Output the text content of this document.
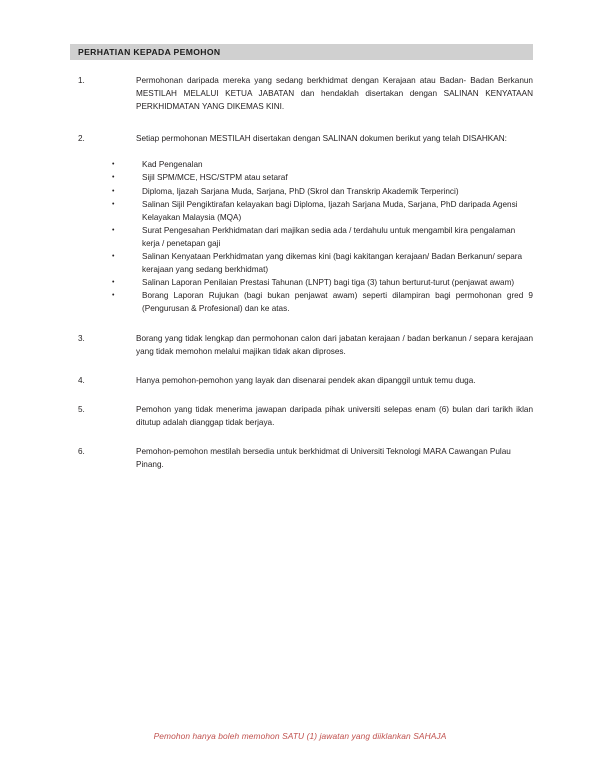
PERHATIAN KEPADA PEMOHON
1.	Permohonan daripada mereka yang sedang berkhidmat dengan Kerajaan atau Badan- Badan Berkanun MESTILAH MELALUI KETUA JABATAN dan hendaklah disertakan dengan SALINAN KENYATAAN PERKHIDMATAN YANG DIKEMAS KINI.
2.	Setiap permohonan MESTILAH disertakan dengan SALINAN dokumen berikut yang telah DISAHKAN:
•	Kad Pengenalan
•	Sijil SPM/MCE, HSC/STPM atau setaraf
•	Diploma, Ijazah Sarjana Muda, Sarjana, PhD (Skrol dan Transkrip Akademik Terperinci)
•	Salinan Sijil Pengiktirafan kelayakan bagi Diploma, Ijazah Sarjana Muda, Sarjana, PhD daripada Agensi Kelayakan Malaysia (MQA)
•	Surat Pengesahan Perkhidmatan dari majikan sedia ada / terdahulu untuk mengambil kira pengalaman kerja / penetapan gaji
•	Salinan Kenyataan Perkhidmatan yang dikemas kini (bagi kakitangan kerajaan/ Badan Berkanun/ separa kerajaan yang sedang berkhidmat)
•	Salinan Laporan Penilaian Prestasi Tahunan (LNPT) bagi tiga (3) tahun berturut-turut (penjawat awam)
•	Borang Laporan Rujukan (bagi bukan penjawat awam) seperti dilampiran bagi permohonan gred 9 (Pengurusan & Profesional) dan ke atas.
3.	Borang yang tidak lengkap dan permohonan calon dari jabatan kerajaan / badan berkanun / separa kerajaan yang tidak memohon melalui majikan tidak akan diproses.
4.	Hanya pemohon-pemohon yang layak dan disenarai pendek akan dipanggil untuk temu duga.
5.	Pemohon yang tidak menerima jawapan daripada pihak universiti selepas enam (6) bulan dari tarikh iklan ditutup adalah dianggap tidak berjaya.
6.	Pemohon-pemohon mestilah bersedia untuk berkhidmat di Universiti Teknologi MARA Cawangan Pulau Pinang.
Pemohon hanya boleh memohon SATU (1) jawatan yang diiklankan SAHAJA
